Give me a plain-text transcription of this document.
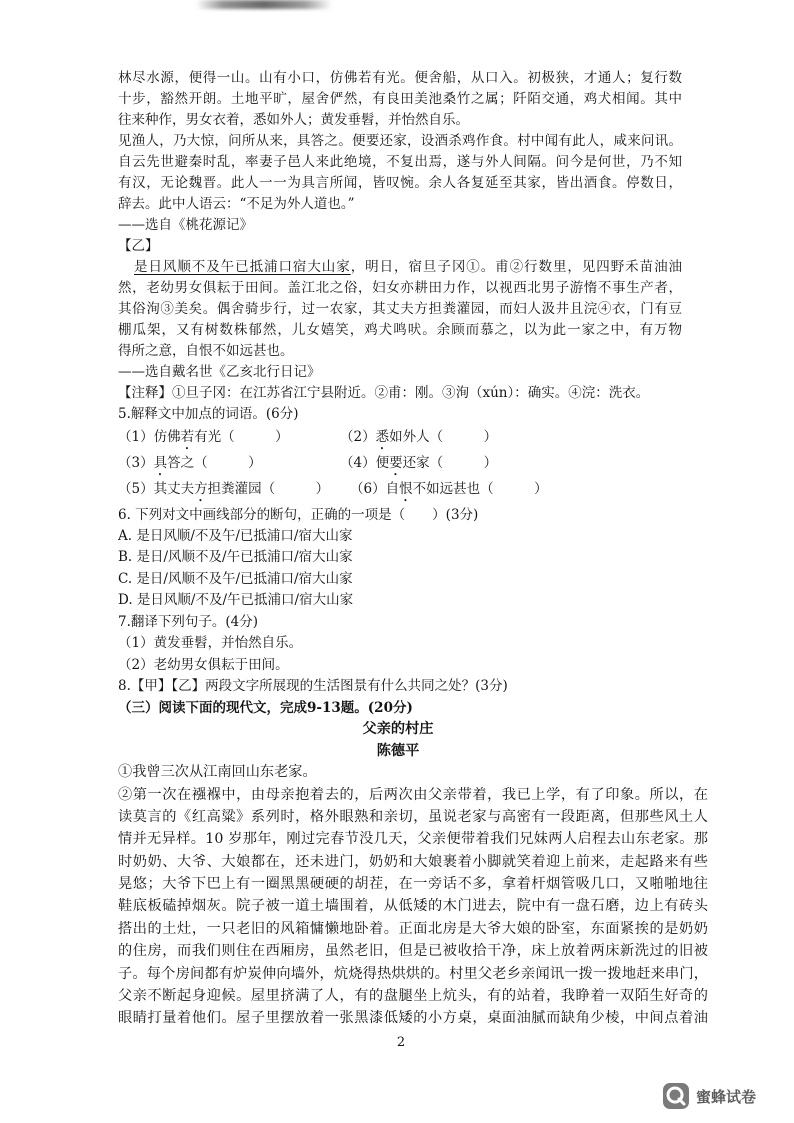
林尽水源，便得一山。山有小口，仿佛若有光。便舍船，从口入。初极狭，才通人；复行数
十步，豁然开朗。土地平旷，屋舍俨然，有良田美池桑竹之属；阡陌交通，鸡犬相闻。其中
往来种作，男女衣着，悉如外人；黄发垂髫，并怡然自乐。
见渔人，乃大惊，问所从来，具答之。便要还家，设酒杀鸡作食。村中闻有此人，咸来问讯。
自云先世避秦时乱，率妻子邑人来此绝境，不复出焉，遂与外人间隔。问今是何世，乃不知
有汉，无论魏晋。此人一一为具言所闻，皆叹惋。余人各复延至其家，皆出酒食。停数日，
辞去。此中人语云：“不足为外人道也。”
——选自《桃花源记》
【乙】
是日风顺不及午已抵浦口宿大山家，明日，宿旦子冈①。甫②行数里，见四野禾苗油油
然，老幼男女俱耘于田间。盖江北之俗，妇女亦耕田力作，以视西北男子游惰不事生产者，
其俗洵③美矣。偶舍骑步行，过一农家，其丈夫方担粪灌园，而妇人汲井且浣④衣，门有豆
棚瓜架，又有树数株郁然，儿女嬉笑，鸡犬鸣吠。余顾而慕之，以为此一家之中，有万物
得所之意，自恨不如远甚也。
——选自戴名世《乙亥北行日记》
【注释】①旦子冈：在江苏省江宁县附近。②甫：刚。③洵（xún）：确实。④浣：洗衣。
5.解释文中加点的词语。(6分)
（1）仿佛若有光（　　　）	（2）悉如外人（　　　）
（3）具答之（　　　）	（4）便要还家（　　　）
（5）其丈夫方担粪灌园（　　　） （6）自恨不如远甚也（　　　）
6. 下列对文中画线部分的断句，正确的一项是（　　）(3分)
A. 是日风顺/不及午/已抵浦口/宿大山家
B. 是日/风顺不及/午已抵浦口/宿大山家
C. 是日/风顺不及午/已抵浦口/宿大山家
D. 是日风顺/不及/午已抵浦口/宿大山家
7.翻译下列句子。(4分)
（1）黄发垂髫，并怡然自乐。
（2）老幼男女俱耘于田间。
8.【甲】【乙】两段文字所展现的生活图景有什么共同之处？(3分)
（三）阅读下面的现代文，完成9-13题。(20分)
父亲的村庄
陈德平
①我曾三次从江南回山东老家。
②第一次在襁褓中，由母亲抱着去的，后两次由父亲带着，我已上学，有了印象。所以，在
读莫言的《红高粱》系列时，格外眼熟和亲切，虽说老家与高密有一段距离，但那些风土人
情并无异样。10 岁那年，刚过完春节没几天，父亲便带着我们兄妹两人启程去山东老家。那
时奶奶、大爷、大娘都在，还未进门，奶奶和大娘裹着小脚就笑着迎上前来，走起路来有些
晃悠；大爷下巴上有一圈黑黑硬硬的胡茬，在一旁话不多，拿着杆烟管吸几口，又啪啪地往
鞋底板磕掉烟灰。院子被一道土墙围着，从低矮的木门进去，院中有一盘石磨，边上有砖头
搭出的土灶，一只老旧的风箱慵懒地卧着。正面北房是大爷大娘的卧室，东面紧挨的是奶奶
的住房，而我们则住在西厢房，虽然老旧，但是已被收拾干净，床上放着两床新洗过的旧被
子。每个房间都有炉炭伸向墙外，炕烧得热烘烘的。村里父老乡亲闻讯一拨一拨地赶来串门，
父亲不断起身迎候。屋里挤满了人，有的盘腿坐上炕头，有的站着，我睁着一双陌生好奇的
眼睛打量着他们。屋子里摆放着一张黑漆低矮的小方桌，桌面油腻而缺角少棱，中间点着油
2
蜜蜂试卷
